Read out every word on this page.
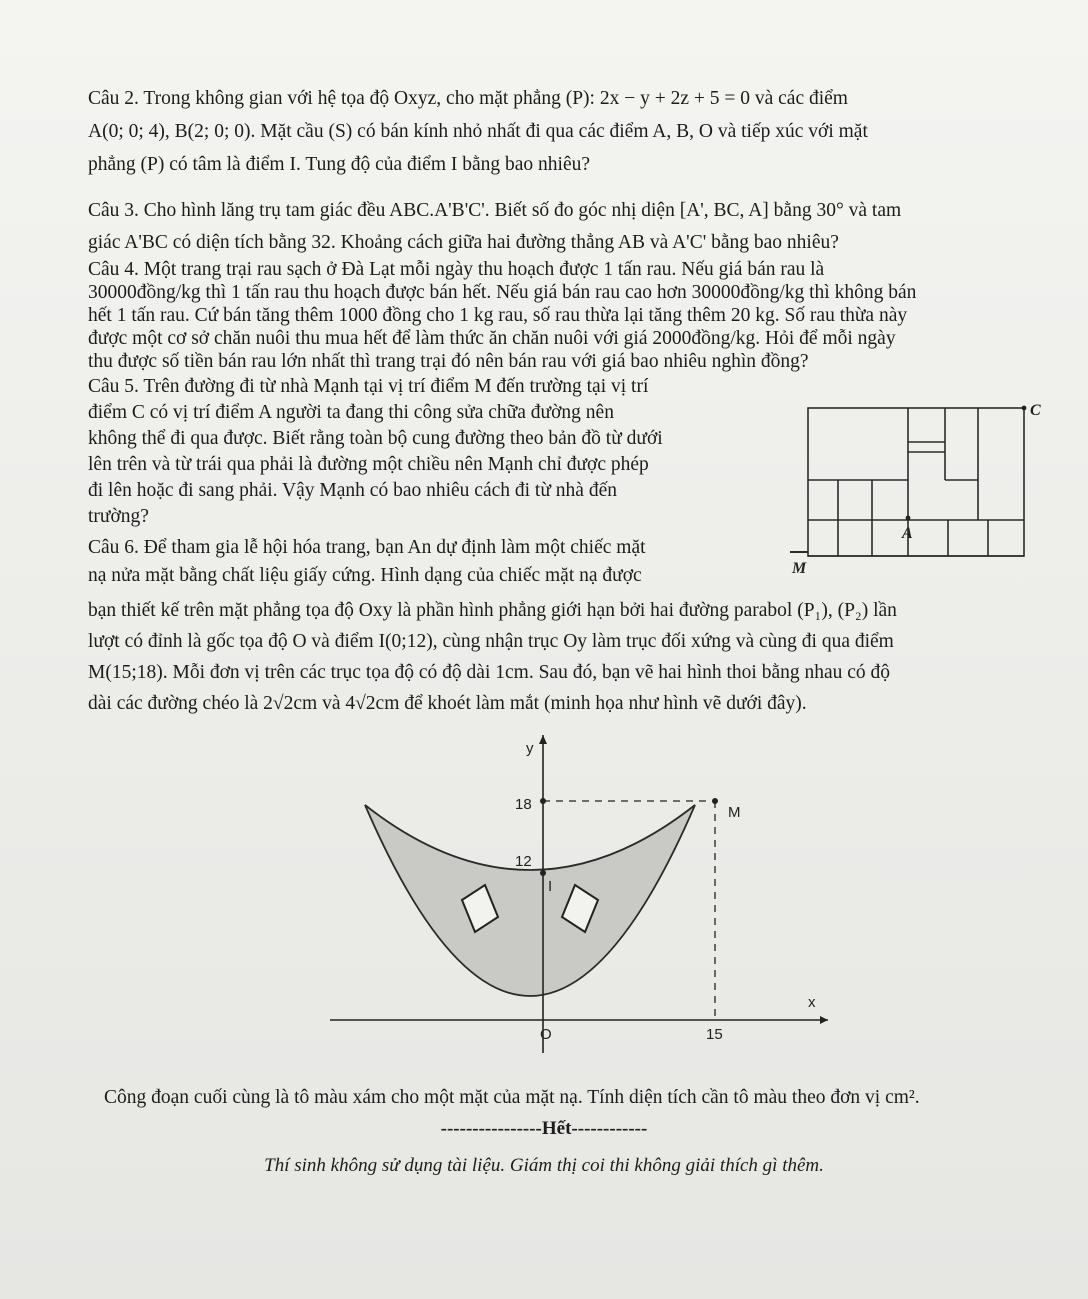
Câu 2. Trong không gian với hệ tọa độ Oxyz, cho mặt phẳng (P): 2x − y + 2z + 5 = 0 và các điểm
A(0; 0; 4), B(2; 0; 0). Mặt cầu (S) có bán kính nhỏ nhất đi qua các điểm A, B, O và tiếp xúc với mặt
phẳng (P) có tâm là điểm I. Tung độ của điểm I bằng bao nhiêu?
Câu 3. Cho hình lăng trụ tam giác đều ABC.A'B'C'. Biết số đo góc nhị diện [A', BC, A] bằng 30° và tam
giác A'BC có diện tích bằng 32. Khoảng cách giữa hai đường thẳng AB và A'C' bằng bao nhiêu?
Câu 4. Một trang trại rau sạch ở Đà Lạt mỗi ngày thu hoạch được 1 tấn rau. Nếu giá bán rau là
30000đồng/kg thì 1 tấn rau thu hoạch được bán hết. Nếu giá bán rau cao hơn 30000đồng/kg thì không bán
hết 1 tấn rau. Cứ bán tăng thêm 1000 đồng cho 1 kg rau, số rau thừa lại tăng thêm 20 kg. Số rau thừa này
được một cơ sở chăn nuôi thu mua hết để làm thức ăn chăn nuôi với giá 2000đồng/kg. Hỏi để mỗi ngày
thu được số tiền bán rau lớn nhất thì trang trại đó nên bán rau với giá bao nhiêu nghìn đồng?
Câu 5. Trên đường đi từ nhà Mạnh tại vị trí điểm M đến trường tại vị trí
điểm C có vị trí điểm A người ta đang thi công sửa chữa đường nên
không thể đi qua được. Biết rằng toàn bộ cung đường theo bản đồ từ dưới
lên trên và từ trái qua phải là đường một chiều nên Mạnh chỉ được phép
đi lên hoặc đi sang phải. Vậy Mạnh có bao nhiêu cách đi từ nhà đến
trường?
C
A
M
Câu 6. Để tham gia lễ hội hóa trang, bạn An dự định làm một chiếc mặt
nạ nửa mặt bằng chất liệu giấy cứng. Hình dạng của chiếc mặt nạ được
bạn thiết kế trên mặt phẳng tọa độ Oxy là phần hình phẳng giới hạn bởi hai đường parabol (P₁), (P₂) lần
lượt có đỉnh là gốc tọa độ O và điểm I(0;12), cùng nhận trục Oy làm trục đối xứng và cùng đi qua điểm
M(15;18). Mỗi đơn vị trên các trục tọa độ có độ dài 1cm. Sau đó, bạn vẽ hai hình thoi bằng nhau có độ
dài các đường chéo là 2√2cm và 4√2cm để khoét làm mắt (minh họa như hình vẽ dưới đây).
y
x
18
12
I
M
O	15
Công đoạn cuối cùng là tô màu xám cho một mặt của mặt nạ. Tính diện tích cần tô màu theo đơn vị cm².
----------------Hết------------
Thí sinh không sử dụng tài liệu. Giám thị coi thi không giải thích gì thêm.
